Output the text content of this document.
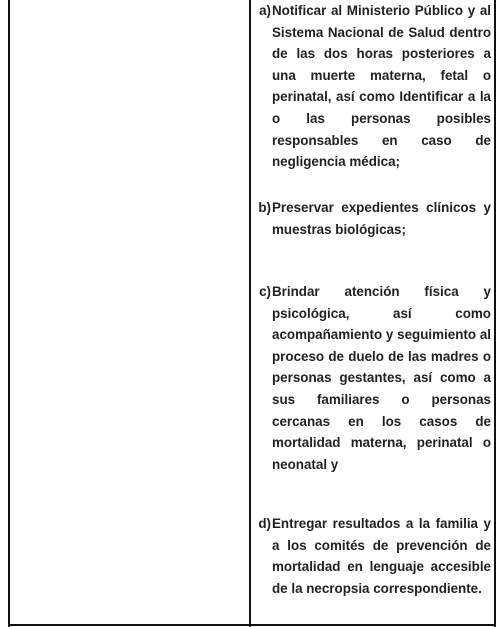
a) Notificar al Ministerio Público y al Sistema Nacional de Salud dentro de las dos horas posteriores a una muerte materna, fetal o perinatal, así como Identificar a la o las personas posibles responsables en caso de negligencia médica;
b) Preservar expedientes clínicos y muestras biológicas;
c) Brindar atención física y psicológica, así como acompañamiento y seguimiento al proceso de duelo de las madres o personas gestantes, así como a sus familiares o personas cercanas en los casos de mortalidad materna, perinatal o neonatal y
d) Entregar resultados a la familia y a los comités de prevención de mortalidad en lenguaje accesible de la necropsia correspondiente.
